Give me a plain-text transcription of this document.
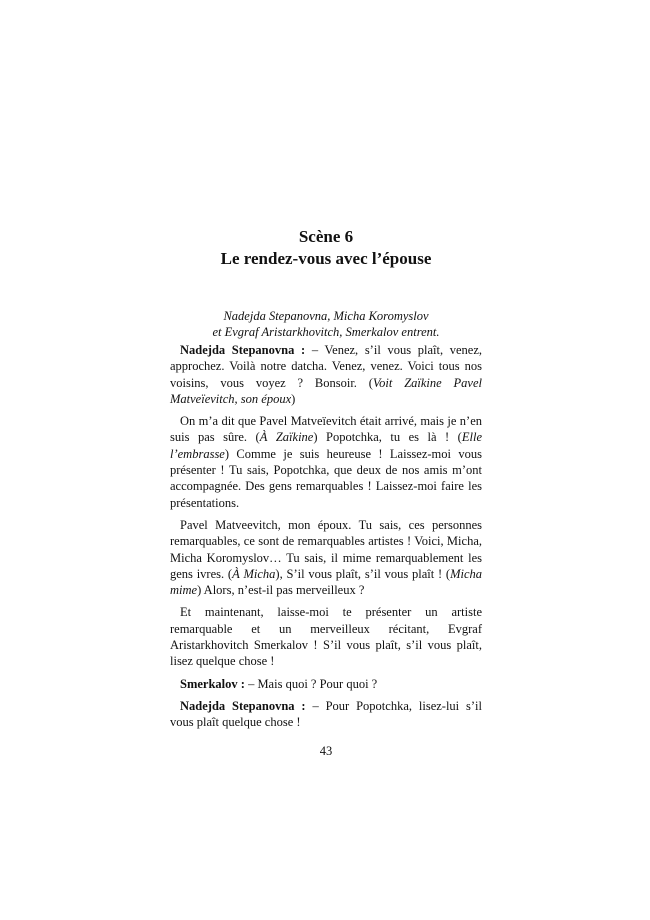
Scène 6
Le rendez-vous avec l’épouse
Nadejda Stepanovna, Micha Koromyslov
et Evgraf Aristarkhovitch, Smerkalov entrent.

Nadejda Stepanovna : – Venez, s’il vous plaît, venez, approchez. Voilà notre datcha. Venez, venez. Voici tous nos voisins, vous voyez ? Bonsoir. (Voit Zaïkine Pavel Matveïevitch, son époux)

On m’a dit que Pavel Matveïevitch était arrivé, mais je n’en suis pas sûre. (À Zaïkine) Popotchka, tu es là ! (Elle l’embrasse) Comme je suis heureuse ! Laissez-moi vous présenter ! Tu sais, Popotchka, que deux de nos amis m’ont accompagnée. Des gens remarquables ! Laissez-moi faire les présentations.

Pavel Matveevitch, mon époux. Tu sais, ces personnes remarquables, ce sont de remarquables artistes ! Voici, Micha, Micha Koromyslov… Tu sais, il mime remarquablement les gens ivres. (À Micha), S’il vous plaît, s’il vous plaît ! (Micha mime) Alors, n’est-il pas merveilleux ?

Et maintenant, laisse-moi te présenter un artiste remarquable et un merveilleux récitant, Evgraf Aristarkhovitch Smerkalov ! S’il vous plaît, s’il vous plaît, lisez quelque chose !

Smerkalov : – Mais quoi ? Pour quoi ?

Nadejda Stepanovna : – Pour Popotchka, lisez-lui s’il vous plaît quelque chose !

43
